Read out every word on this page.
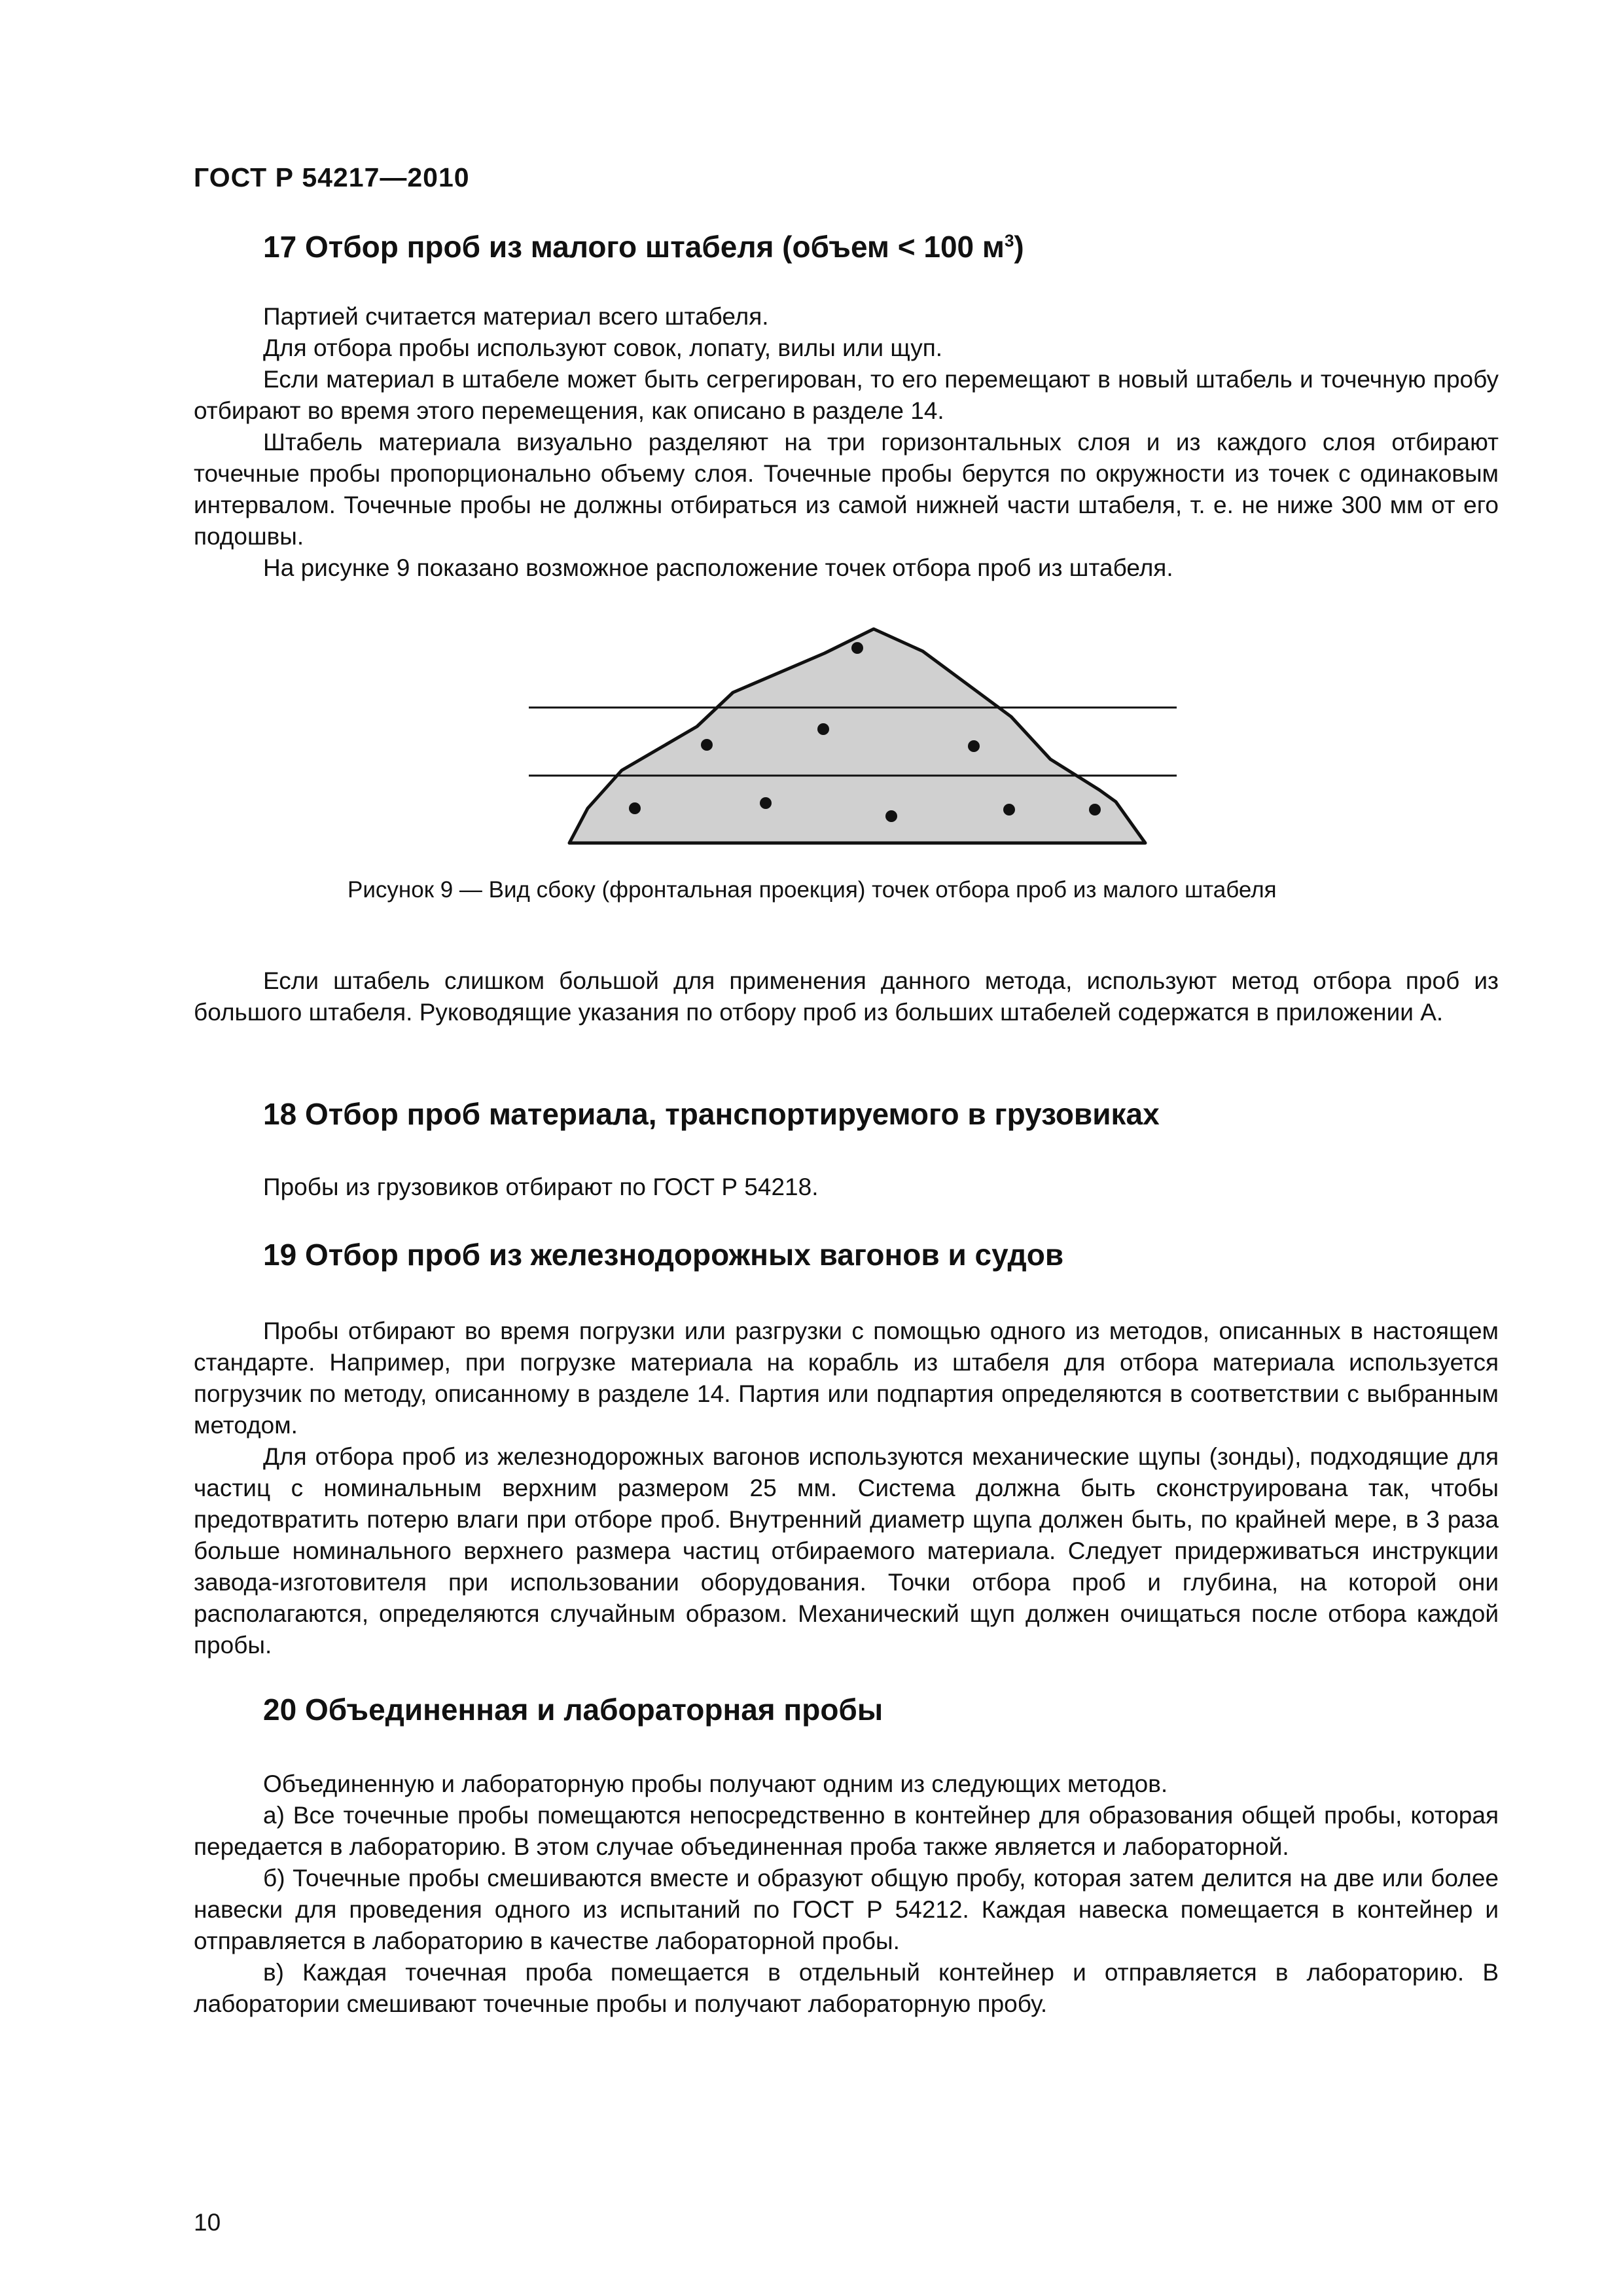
ГОСТ Р 54217—2010
17 Отбор проб из малого штабеля (объем < 100 $м^3$)

Партией считается материал всего штабеля.

Для отбора пробы используют совок, лопату, вилы или щуп.

Если материал в штабеле может быть сегрегирован, то его перемещают в новый штабель и точечную пробу отбирают во время этого перемещения, как описано в разделе 14.

Штабель материала визуально разделяют на три горизонтальных слоя и из каждого слоя отбирают точечные пробы пропорционально объему слоя. Точечные пробы берутся по окружности из точек с одинаковым интервалом. Точечные пробы не должны отбираться из самой нижней части штабеля, т. е. не ниже 300 мм от его подошвы.

На рисунке 9 показано возможное расположение точек отбора проб из штабеля.

Рисунок 9 — Вид сбоку (фронтальная проекция) точек отбора проб из малого штабеля

Если штабель слишком большой для применения данного метода, используют метод отбора проб из большого штабеля. Руководящие указания по отбору проб из больших штабелей содержатся в приложении А.

18 Отбор проб материала, транспортируемого в грузовиках

Пробы из грузовиков отбирают по ГОСТ Р 54218.

19 Отбор проб из железнодорожных вагонов и судов

Пробы отбирают во время погрузки или разгрузки с помощью одного из методов, описанных в настоящем стандарте. Например, при погрузке материала на корабль из штабеля для отбора материала используется погрузчик по методу, описанному в разделе 14. Партия или подпартия определяются в соответствии с выбранным методом.

Для отбора проб из железнодорожных вагонов используются механические щупы (зонды), подходящие для частиц с номинальным верхним размером 25 мм. Система должна быть сконструирована так, чтобы предотвратить потерю влаги при отборе проб. Внутренний диаметр щупа должен быть, по крайней мере, в 3 раза больше номинального верхнего размера частиц отбираемого материала. Следует придерживаться инструкции завода-изготовителя при использовании оборудования. Точки отбора проб и глубина, на которой они располагаются, определяются случайным образом. Механический щуп должен очищаться после отбора каждой пробы.

20 Объединенная и лабораторная пробы

Объединенную и лабораторную пробы получают одним из следующих методов.

а) Все точечные пробы помещаются непосредственно в контейнер для образования общей пробы, которая передается в лабораторию. В этом случае объединенная проба также является и лабораторной.

б) Точечные пробы смешиваются вместе и образуют общую пробу, которая затем делится на две или более навески для проведения одного из испытаний по ГОСТ Р 54212. Каждая навеска помещается в контейнер и отправляется в лабораторию в качестве лабораторной пробы.

в) Каждая точечная проба помещается в отдельный контейнер и отправляется в лабораторию. В лаборатории смешивают точечные пробы и получают лабораторную пробу.

10
